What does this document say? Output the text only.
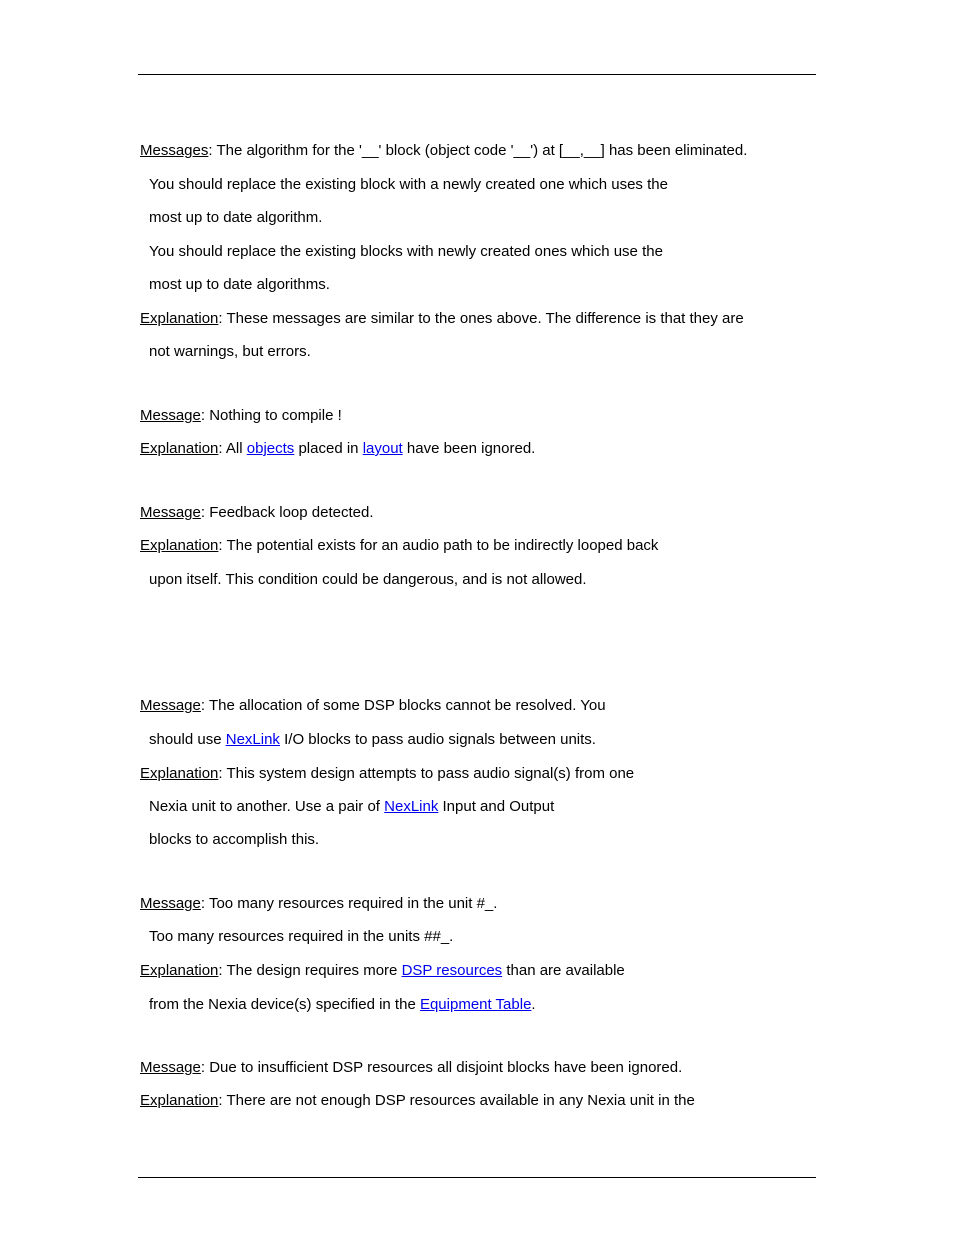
Messages: The algorithm for the '__' block (object code '__') at [__,__] has been eliminated.
You should replace the existing block with a newly created one which uses the
most up to date algorithm.
You should replace the existing blocks with newly created ones which use the
most up to date algorithms.
Explanation: These messages are similar to the ones above. The difference is that they are
not warnings, but errors.
Message: Nothing to compile !
Explanation: All objects placed in layout have been ignored.
Message: Feedback loop detected.
Explanation: The potential exists for an audio path to be indirectly looped back
upon itself. This condition could be dangerous, and is not allowed.
Message: The allocation of some DSP blocks cannot be resolved. You
should use NexLink I/O blocks to pass audio signals between units.
Explanation: This system design attempts to pass audio signal(s) from one
Nexia unit to another. Use a pair of NexLink Input and Output
blocks to accomplish this.
Message: Too many resources required in the unit #_.
Too many resources required in the units ##_.
Explanation: The design requires more DSP resources than are available
from the Nexia device(s) specified in the Equipment Table.
Message: Due to insufficient DSP resources all disjoint blocks have been ignored.
Explanation: There are not enough DSP resources available in any Nexia unit in the
